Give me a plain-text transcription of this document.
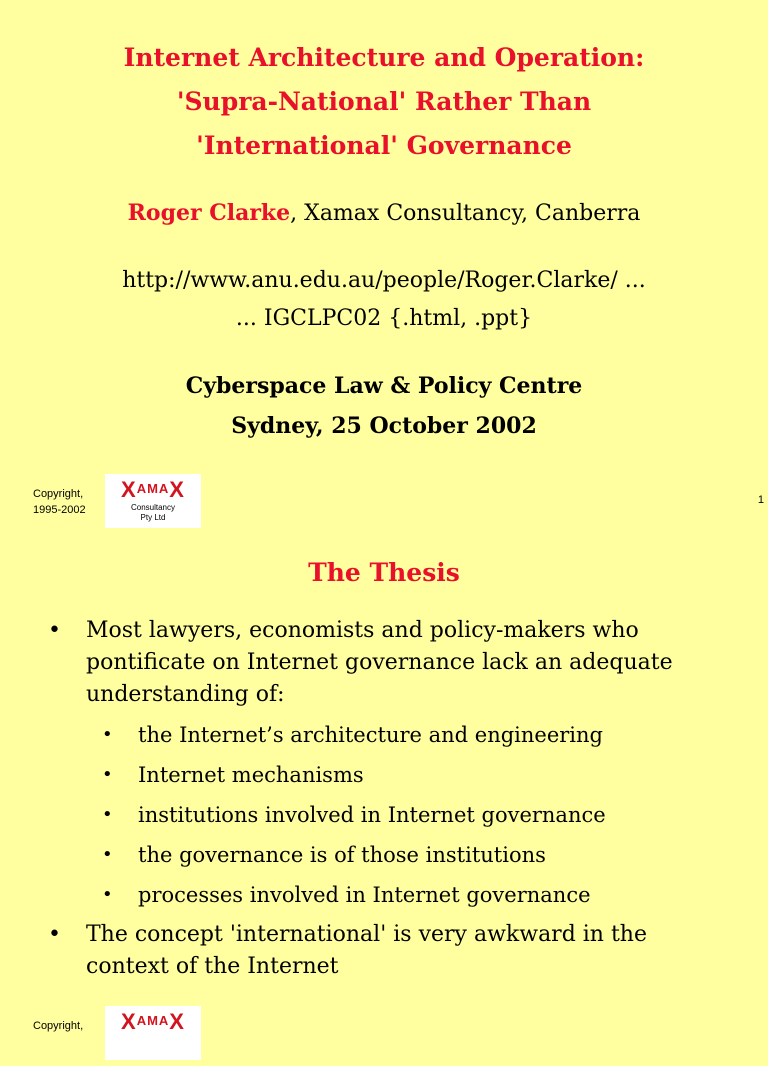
Internet Architecture and Operation:
'Supra-National' Rather Than
'International' Governance
Roger Clarke, Xamax Consultancy, Canberra
http://www.anu.edu.au/people/Roger.Clarke/ ...
... IGCLPC02 {.html, .ppt}
Cyberspace Law & Policy Centre
Sydney, 25 October 2002
Copyright,
1995-2002
XAMAX
Consultancy
Pty Ltd
1
The Thesis
• Most lawyers, economists and policy-makers who pontificate on Internet governance lack an adequate understanding of:
• the Internet’s architecture and engineering
• Internet mechanisms
• institutions involved in Internet governance
• the governance is of those institutions
• processes involved in Internet governance
• The concept 'international' is very awkward in the context of the Internet
Copyright,	XAMAX
